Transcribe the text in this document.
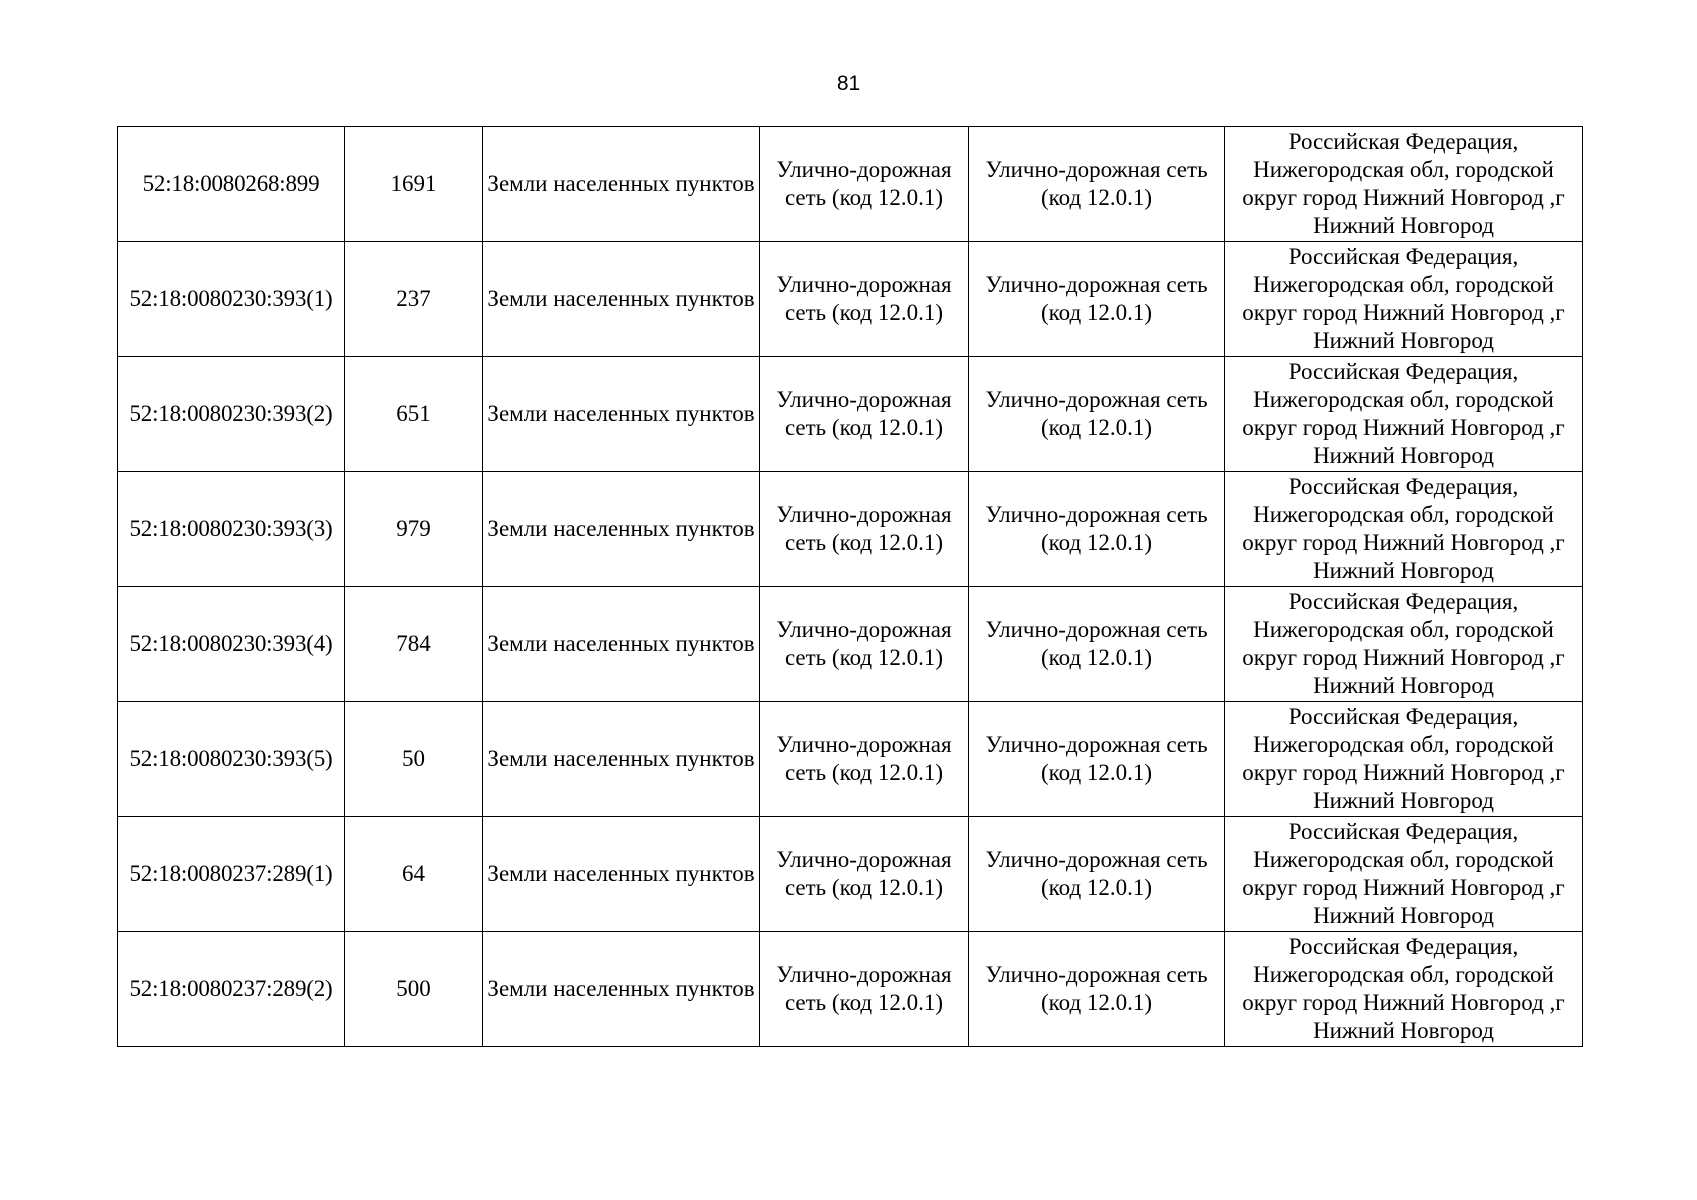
81
52:18:0080268:899	1691	Земли населенных пунктов	Улично-дорожная сеть (код 12.0.1)	Улично-дорожная сеть (код 12.0.1)	Российская Федерация, Нижегородская обл, городской округ город Нижний Новгород ,г Нижний Новгород
52:18:0080230:393(1)	237	Земли населенных пунктов	Улично-дорожная сеть (код 12.0.1)	Улично-дорожная сеть (код 12.0.1)	Российская Федерация, Нижегородская обл, городской округ город Нижний Новгород ,г Нижний Новгород
52:18:0080230:393(2)	651	Земли населенных пунктов	Улично-дорожная сеть (код 12.0.1)	Улично-дорожная сеть (код 12.0.1)	Российская Федерация, Нижегородская обл, городской округ город Нижний Новгород ,г Нижний Новгород
52:18:0080230:393(3)	979	Земли населенных пунктов	Улично-дорожная сеть (код 12.0.1)	Улично-дорожная сеть (код 12.0.1)	Российская Федерация, Нижегородская обл, городской округ город Нижний Новгород ,г Нижний Новгород
52:18:0080230:393(4)	784	Земли населенных пунктов	Улично-дорожная сеть (код 12.0.1)	Улично-дорожная сеть (код 12.0.1)	Российская Федерация, Нижегородская обл, городской округ город Нижний Новгород ,г Нижний Новгород
52:18:0080230:393(5)	50	Земли населенных пунктов	Улично-дорожная сеть (код 12.0.1)	Улично-дорожная сеть (код 12.0.1)	Российская Федерация, Нижегородская обл, городской округ город Нижний Новгород ,г Нижний Новгород
52:18:0080237:289(1)	64	Земли населенных пунктов	Улично-дорожная сеть (код 12.0.1)	Улично-дорожная сеть (код 12.0.1)	Российская Федерация, Нижегородская обл, городской округ город Нижний Новгород ,г Нижний Новгород
52:18:0080237:289(2)	500	Земли населенных пунктов	Улично-дорожная сеть (код 12.0.1)	Улично-дорожная сеть (код 12.0.1)	Российская Федерация, Нижегородская обл, городской округ город Нижний Новгород ,г Нижний Новгород
